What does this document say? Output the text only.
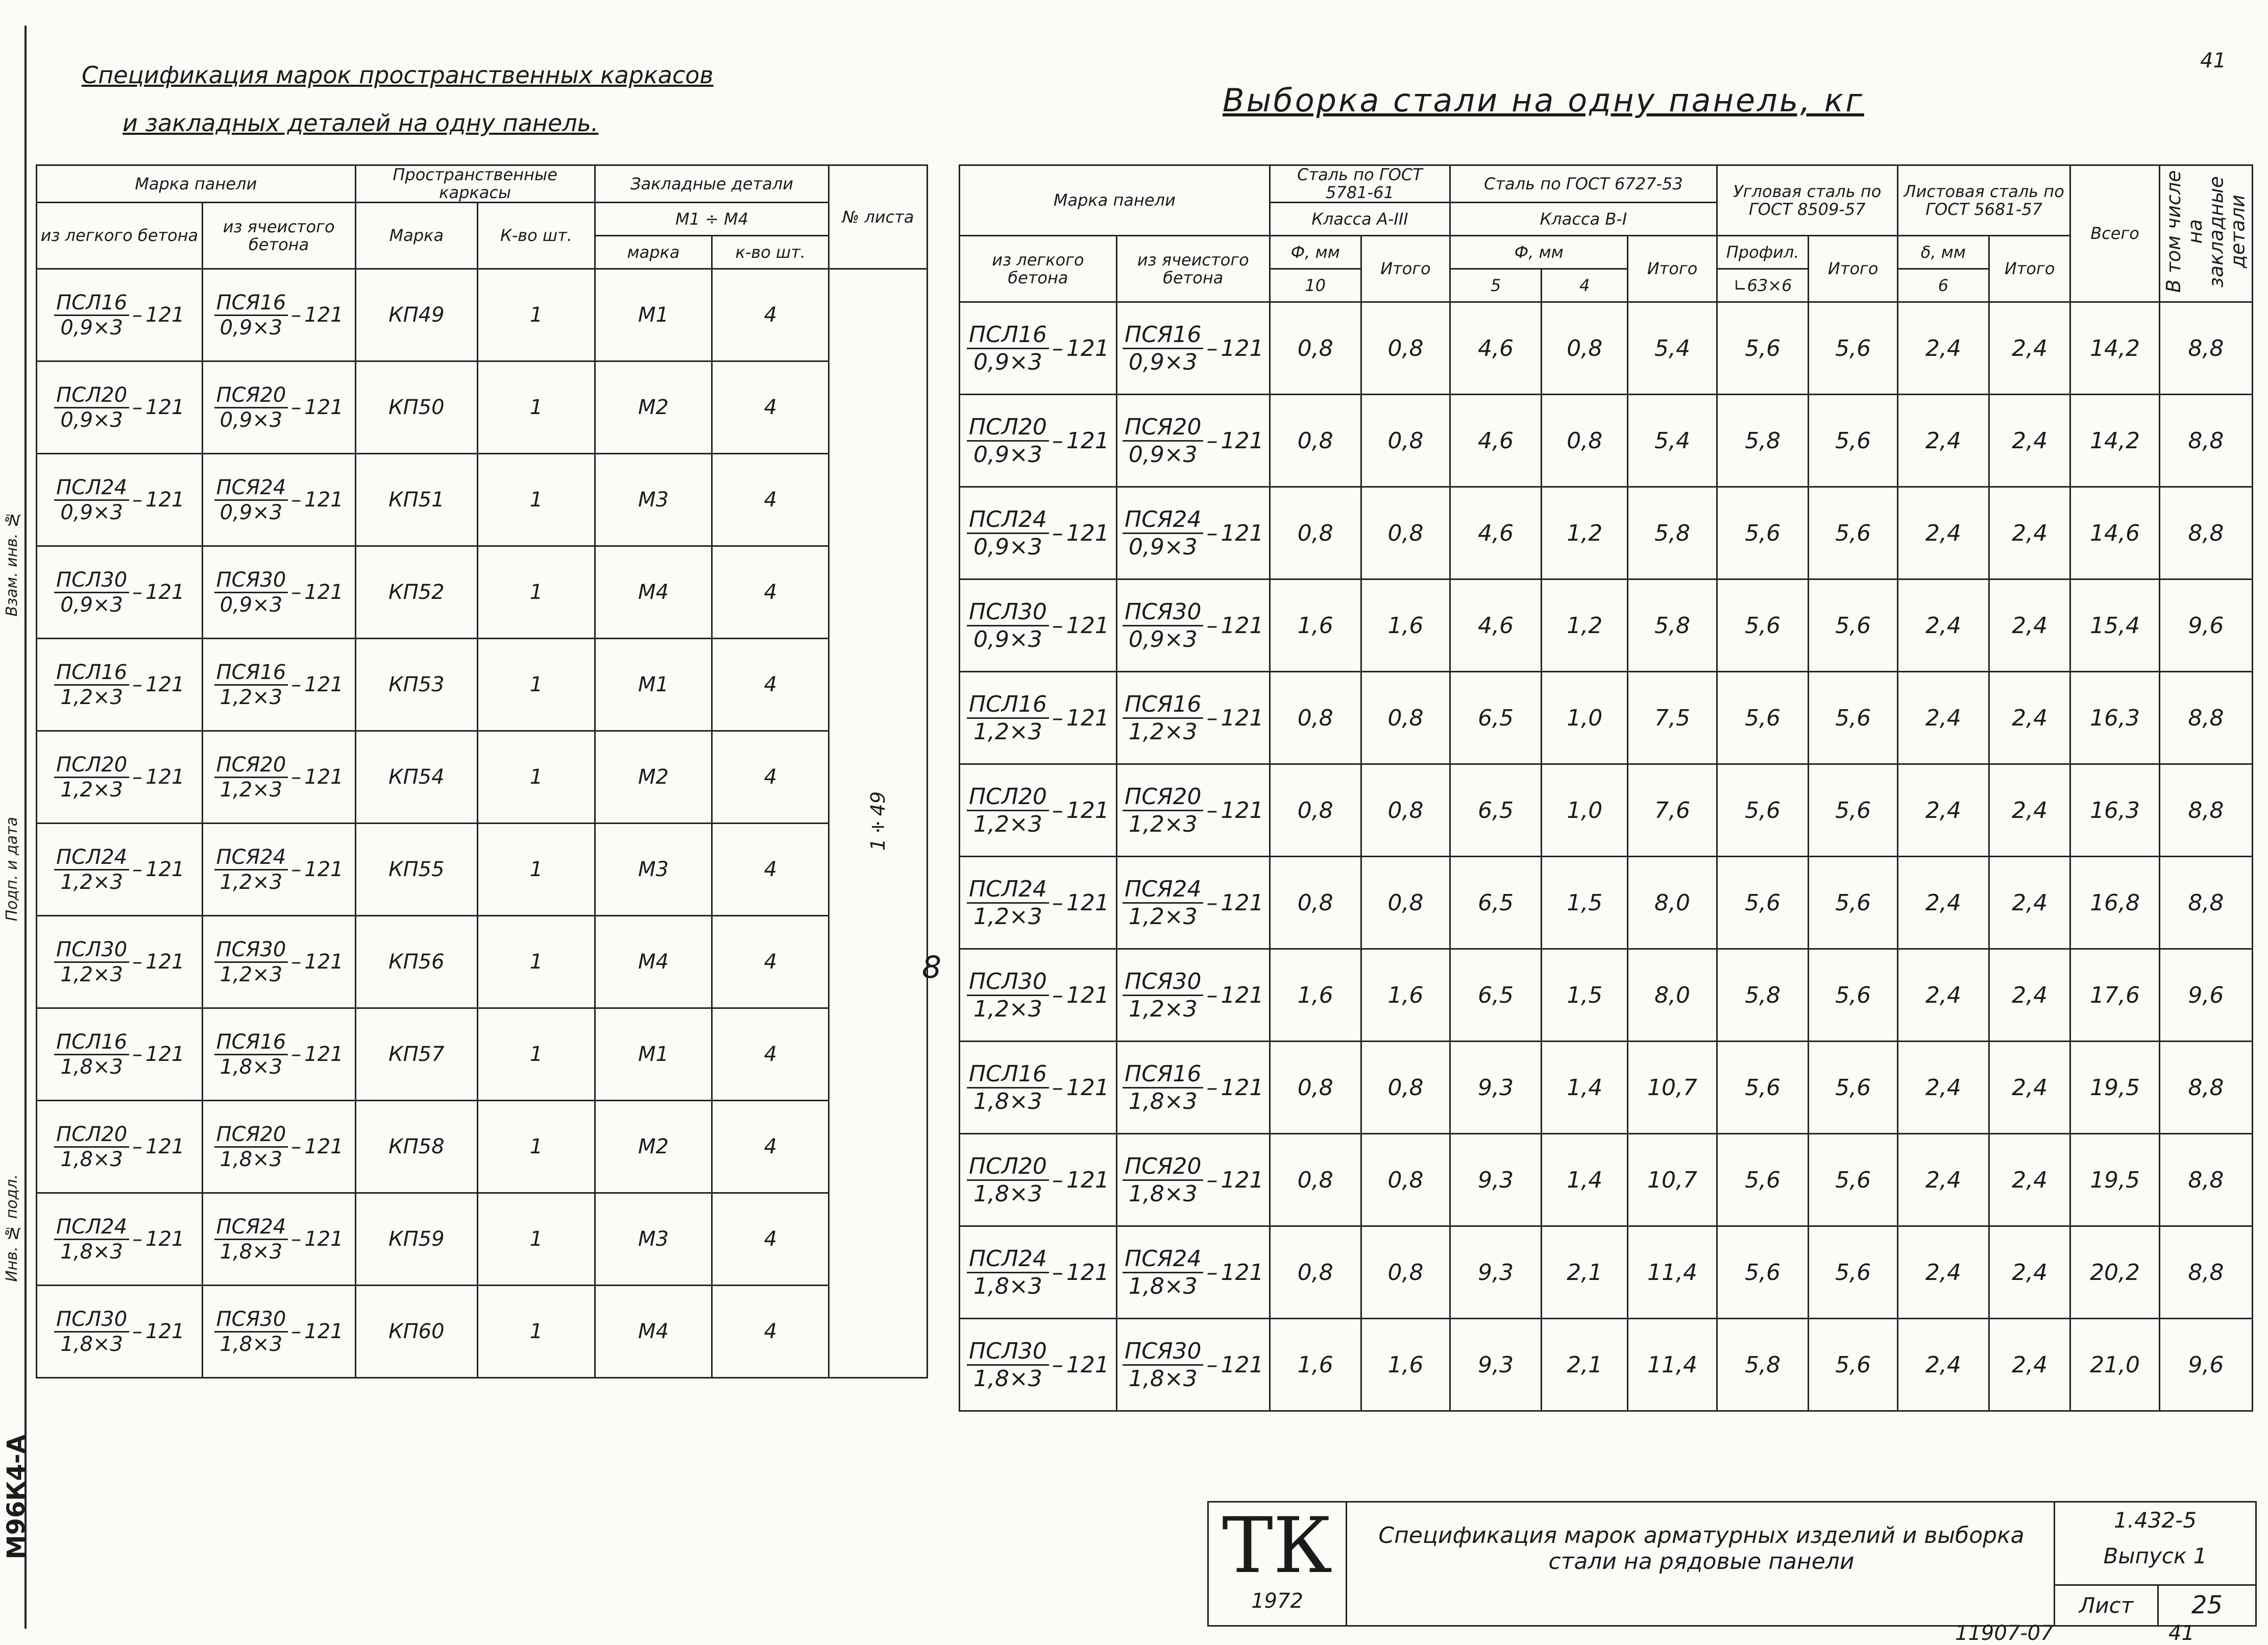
41
Инв. № подл.
Подп. и дата
Взам. инв. №
Спецификация марок пространственных каркасов
и закладных деталей на одну панель.
Выборка стали на одну панель, кг
Марка панели		Пространственные каркасы		Закладные детали		№ листа
из легкого бетона	из ячеистого бетона	Марка	К-во шт.	М1 ÷ М4		
				марка	к-во шт.	

$\frac{\text{ПСЛ16}}{0,9\times 3} - 121$	$\frac{\text{ПСЯ16}}{0,9\times 3} - 121$	КП49	1	М1	4	1÷49

$\frac{\text{ПСЛ20}}{0,9\times 3} - 121$	$\frac{\text{ПСЯ20}}{0,9\times 3} - 121$	КП50	1	М2	4	

$\frac{\text{ПСЛ24}}{0,9\times 3} - 121$	$\frac{\text{ПСЯ24}}{0,9\times 3} - 121$	КП51	1	М3	4	

$\frac{\text{ПСЛ30}}{0,9\times 3} - 121$	$\frac{\text{ПСЯ30}}{0,9\times 3} - 121$	КП52	1	М4	4	

$\frac{\text{ПСЛ16}}{1,2\times 3} - 121$	$\frac{\text{ПСЯ16}}{1,2\times 3} - 121$	КП53	1	М1	4	

$\frac{\text{ПСЛ20}}{1,2\times 3} - 121$	$\frac{\text{ПСЯ20}}{1,2\times 3} - 121$	КП54	1	М2	4	

$\frac{\text{ПСЛ24}}{1,2\times 3} - 121$	$\frac{\text{ПСЯ24}}{1,2\times 3} - 121$	КП55	1	М3	4	

$\frac{\text{ПСЛ30}}{1,2\times 3} - 121$	$\frac{\text{ПСЯ30}}{1,2\times 3} - 121$	КП56	1	М4	4	

$\frac{\text{ПСЛ16}}{1,8\times 3} - 121$	$\frac{\text{ПСЯ16}}{1,8\times 3} - 121$	КП57	1	М1	4	

$\frac{\text{ПСЛ20}}{1,8\times 3} - 121$	$\frac{\text{ПСЯ20}}{1,8\times 3} - 121$	КП58	1	М2	4	

$\frac{\text{ПСЛ24}}{1,8\times 3} - 121$	$\frac{\text{ПСЯ24}}{1,8\times 3} - 121$	КП59	1	М3	4	

$\frac{\text{ПСЛ30}}{1,8\times 3} - 121$	$\frac{\text{ПСЯ30}}{1,8\times 3} - 121$	КП60	1	М4	4	
8
Марка панели		Сталь по ГОСТ 5781-61		Сталь по ГОСТ 6727-53			Угловая сталь по ГОСТ 8509-57		Листовая сталь по ГОСТ 5681-57		Всего	В том числе на закладные детали
		Класса А-III		Класса В-I								
из легкого бетона	из ячеистого бетона	Ф, мм	Итого	Ф, мм		Итого	Профил.	Итого	δ, мм	Итого		
		10		5	4		∟63×6		6			

$\frac{\text{ПСЛ16}}{0,9\times 3} - 121$	$\frac{\text{ПСЯ16}}{0,9\times 3} - 121$	0,8	0,8	4,6	0,8	5,4	5,6	5,6	2,4	2,4	14,2	8,8

$\frac{\text{ПСЛ20}}{0,9\times 3} - 121$	$\frac{\text{ПСЯ20}}{0,9\times 3} - 121$	0,8	0,8	4,6	0,8	5,4	5,8	5,6	2,4	2,4	14,2	8,8

$\frac{\text{ПСЛ24}}{0,9\times 3} - 121$	$\frac{\text{ПСЯ24}}{0,9\times 3} - 121$	0,8	0,8	4,6	1,2	5,8	5,6	5,6	2,4	2,4	14,6	8,8

$\frac{\text{ПСЛ30}}{0,9\times 3} - 121$	$\frac{\text{ПСЯ30}}{0,9\times 3} - 121$	1,6	1,6	4,6	1,2	5,8	5,6	5,6	2,4	2,4	15,4	9,6

$\frac{\text{ПСЛ16}}{1,2\times 3} - 121$	$\frac{\text{ПСЯ16}}{1,2\times 3} - 121$	0,8	0,8	6,5	1,0	7,5	5,6	5,6	2,4	2,4	16,3	8,8

$\frac{\text{ПСЛ20}}{1,2\times 3} - 121$	$\frac{\text{ПСЯ20}}{1,2\times 3} - 121$	0,8	0,8	6,5	1,0	7,6	5,6	5,6	2,4	2,4	16,3	8,8

$\frac{\text{ПСЛ24}}{1,2\times 3} - 121$	$\frac{\text{ПСЯ24}}{1,2\times 3} - 121$	0,8	0,8	6,5	1,5	8,0	5,6	5,6	2,4	2,4	16,8	8,8

$\frac{\text{ПСЛ30}}{1,2\times 3} - 121$	$\frac{\text{ПСЯ30}}{1,2\times 3} - 121$	1,6	1,6	6,5	1,5	8,0	5,8	5,6	2,4	2,4	17,6	9,6

$\frac{\text{ПСЛ16}}{1,8\times 3} - 121$	$\frac{\text{ПСЯ16}}{1,8\times 3} - 121$	0,8	0,8	9,3	1,4	10,7	5,6	5,6	2,4	2,4	19,5	8,8

$\frac{\text{ПСЛ20}}{1,8\times 3} - 121$	$\frac{\text{ПСЯ20}}{1,8\times 3} - 121$	0,8	0,8	9,3	1,4	10,7	5,6	5,6	2,4	2,4	19,5	8,8

$\frac{\text{ПСЛ24}}{1,8\times 3} - 121$	$\frac{\text{ПСЯ24}}{1,8\times 3} - 121$	0,8	0,8	9,3	2,1	11,4	5,6	5,6	2,4	2,4	20,2	8,8

$\frac{\text{ПСЛ30}}{1,8\times 3} - 121$	$\frac{\text{ПСЯ30}}{1,8\times 3} - 121$	1,6	1,6	9,3	2,1	11,4	5,8	5,6	2,4	2,4	21,0	9,6
ТК
1972
Спецификация марок арматурных изделий и выборка стали на рядовые панели
1.432-5
Выпуск 1
Лист	25
11907-07	41
М96К4-А
